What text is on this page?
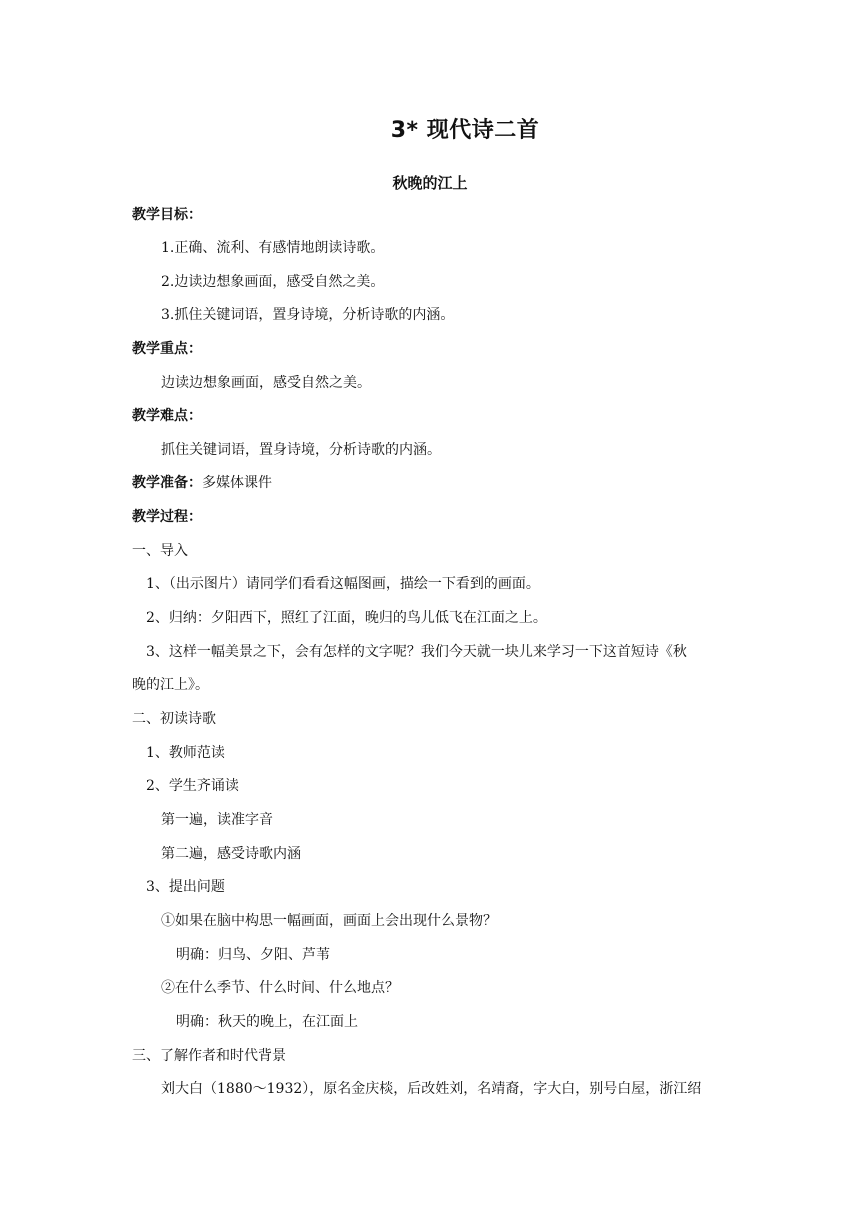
3* 现代诗二首
秋晚的江上
教学目标：
1.正确、流利、有感情地朗读诗歌。
2.边读边想象画面，感受自然之美。
3.抓住关键词语，置身诗境，分析诗歌的内涵。
教学重点：
边读边想象画面，感受自然之美。
教学难点：
抓住关键词语，置身诗境，分析诗歌的内涵。
教学准备：多媒体课件
教学过程：
一、导入
1、（出示图片）请同学们看看这幅图画，描绘一下看到的画面。
2、归纳：夕阳西下，照红了江面，晚归的鸟儿低飞在江面之上。
3、这样一幅美景之下，会有怎样的文字呢？我们今天就一块儿来学习一下这首短诗《秋
晚的江上》。
二、初读诗歌
1、教师范读
2、学生齐诵读
第一遍，读准字音
第二遍，感受诗歌内涵
3、提出问题
①如果在脑中构思一幅画面，画面上会出现什么景物？
明确：归鸟、夕阳、芦苇
②在什么季节、什么时间、什么地点？
明确：秋天的晚上，在江面上
三、了解作者和时代背景
刘大白（1880～1932），原名金庆棪，后改姓刘，名靖裔，字大白，别号白屋，浙江绍
